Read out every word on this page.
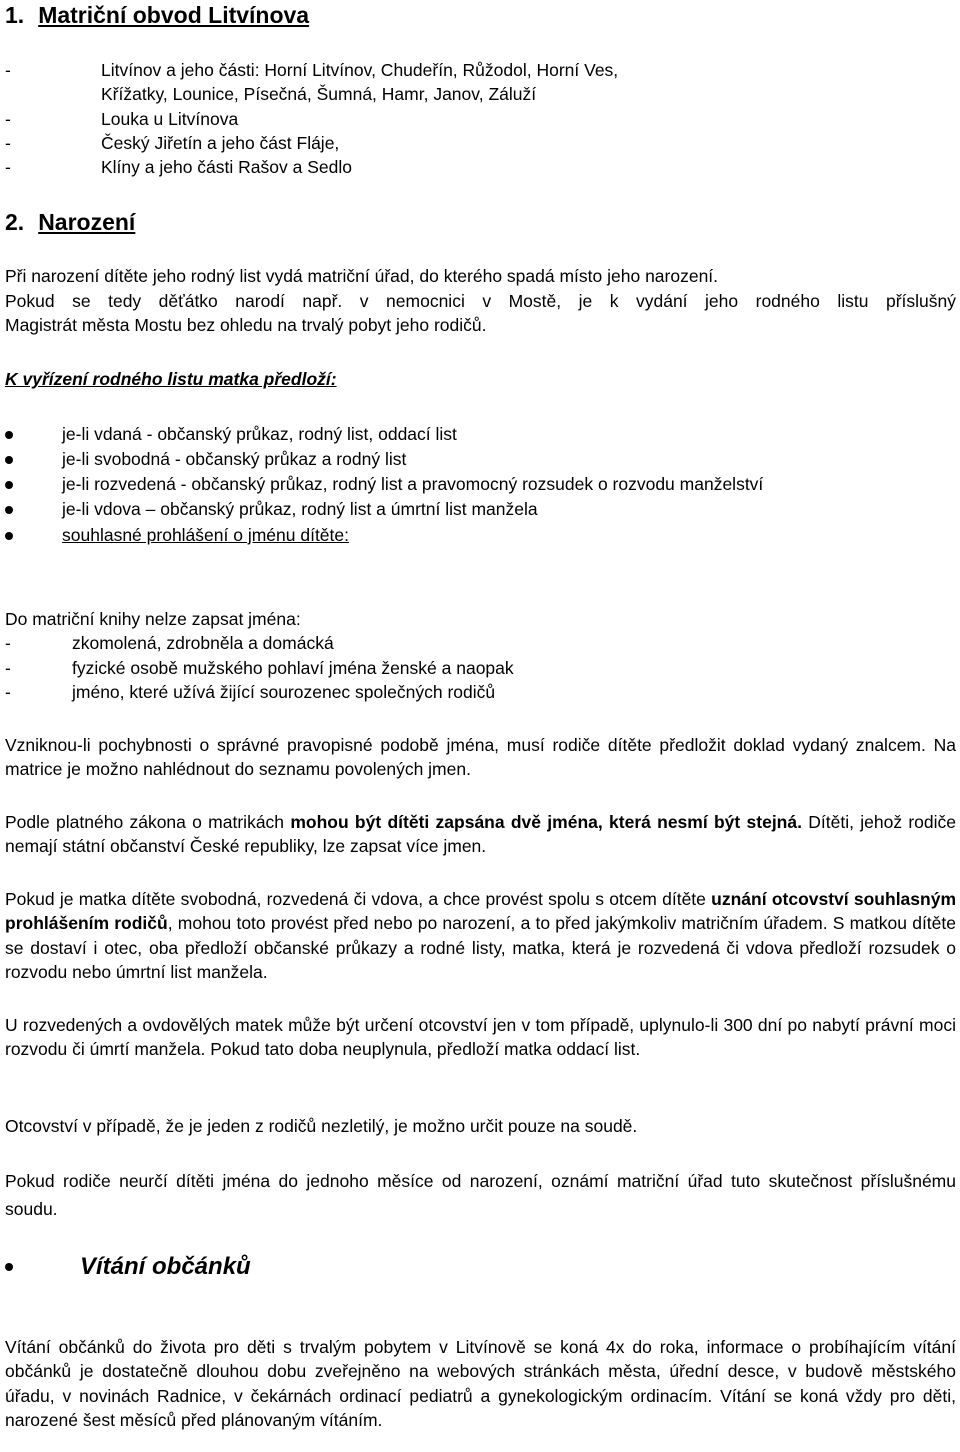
1. Matriční obvod Litvínova
-	Litvínov a jeho části: Horní Litvínov, Chudeřín, Růžodol, Horní Ves,
Křížatky, Lounice, Písečná, Šumná, Hamr, Janov, Záluží
-	Louka u Litvínova
-	Český Jiřetín a jeho část Fláje,
-	Klíny a jeho části Rašov a Sedlo
2. Narození
Při narození dítěte jeho rodný list vydá matriční úřad, do kterého spadá místo jeho narození.
Pokud se tedy děťátko narodí např. v nemocnici v Mostě, je k vydání jeho rodného listu příslušný
Magistrát města Mostu bez ohledu na trvalý pobyt jeho rodičů.
K vyřízení rodného listu matka předloží:
je-li vdaná - občanský průkaz, rodný list, oddací list
je-li svobodná - občanský průkaz a rodný list
je-li rozvedená - občanský průkaz, rodný list a pravomocný rozsudek o rozvodu manželství
je-li vdova – občanský průkaz, rodný list a úmrtní list manžela
souhlasné prohlášení o jménu dítěte:
Do matriční knihy nelze zapsat jména:
-	zkomolená, zdrobněla a domácká
-	fyzické osobě mužského pohlaví jména ženské a naopak
-	jméno, které užívá žijící sourozenec společných rodičů

Vzniknou-li pochybnosti o správné pravopisné podobě jména, musí rodiče dítěte předložit doklad vydaný znalcem. Na matrice je možno nahlédnout do seznamu povolených jmen.

Podle platného zákona o matrikách mohou být dítěti zapsána dvě jména, která nesmí být stejná. Dítěti, jehož rodiče nemají státní občanství České republiky, lze zapsat více jmen.

Pokud je matka dítěte svobodná, rozvedená či vdova, a chce provést spolu s otcem dítěte uznání otcovství souhlasným prohlášením rodičů, mohou toto provést před nebo po narození, a to před jakýmkoliv matričním úřadem. S matkou dítěte se dostaví i otec, oba předloží občanské průkazy a rodné listy, matka, která je rozvedená či vdova předloží rozsudek o rozvodu nebo úmrtní list manžela.

U rozvedených a ovdovělých matek může být určení otcovství jen v tom případě, uplynulo-li 300 dní po nabytí právní moci rozvodu či úmrtí manžela. Pokud tato doba neuplynula, předloží matka oddací list.

Otcovství v případě, že je jeden z rodičů nezletilý, je možno určit pouze na soudě.

Pokud rodiče neurčí dítěti jména do jednoho měsíce od narození, oznámí matriční úřad tuto skutečnost příslušnému soudu.

Vítání občánků

Vítání občánků do života pro děti s trvalým pobytem v Litvínově se koná 4x do roka, informace o probíhajícím vítání občánků je dostatečně dlouhou dobu zveřejněno na webových stránkách města, úřední desce, v budově městského úřadu, v novinách Radnice, v čekárnách ordinací pediatrů a gynekologickým ordinacím. Vítání se koná vždy pro děti, narozené šest měsíců před plánovaným vítáním.
